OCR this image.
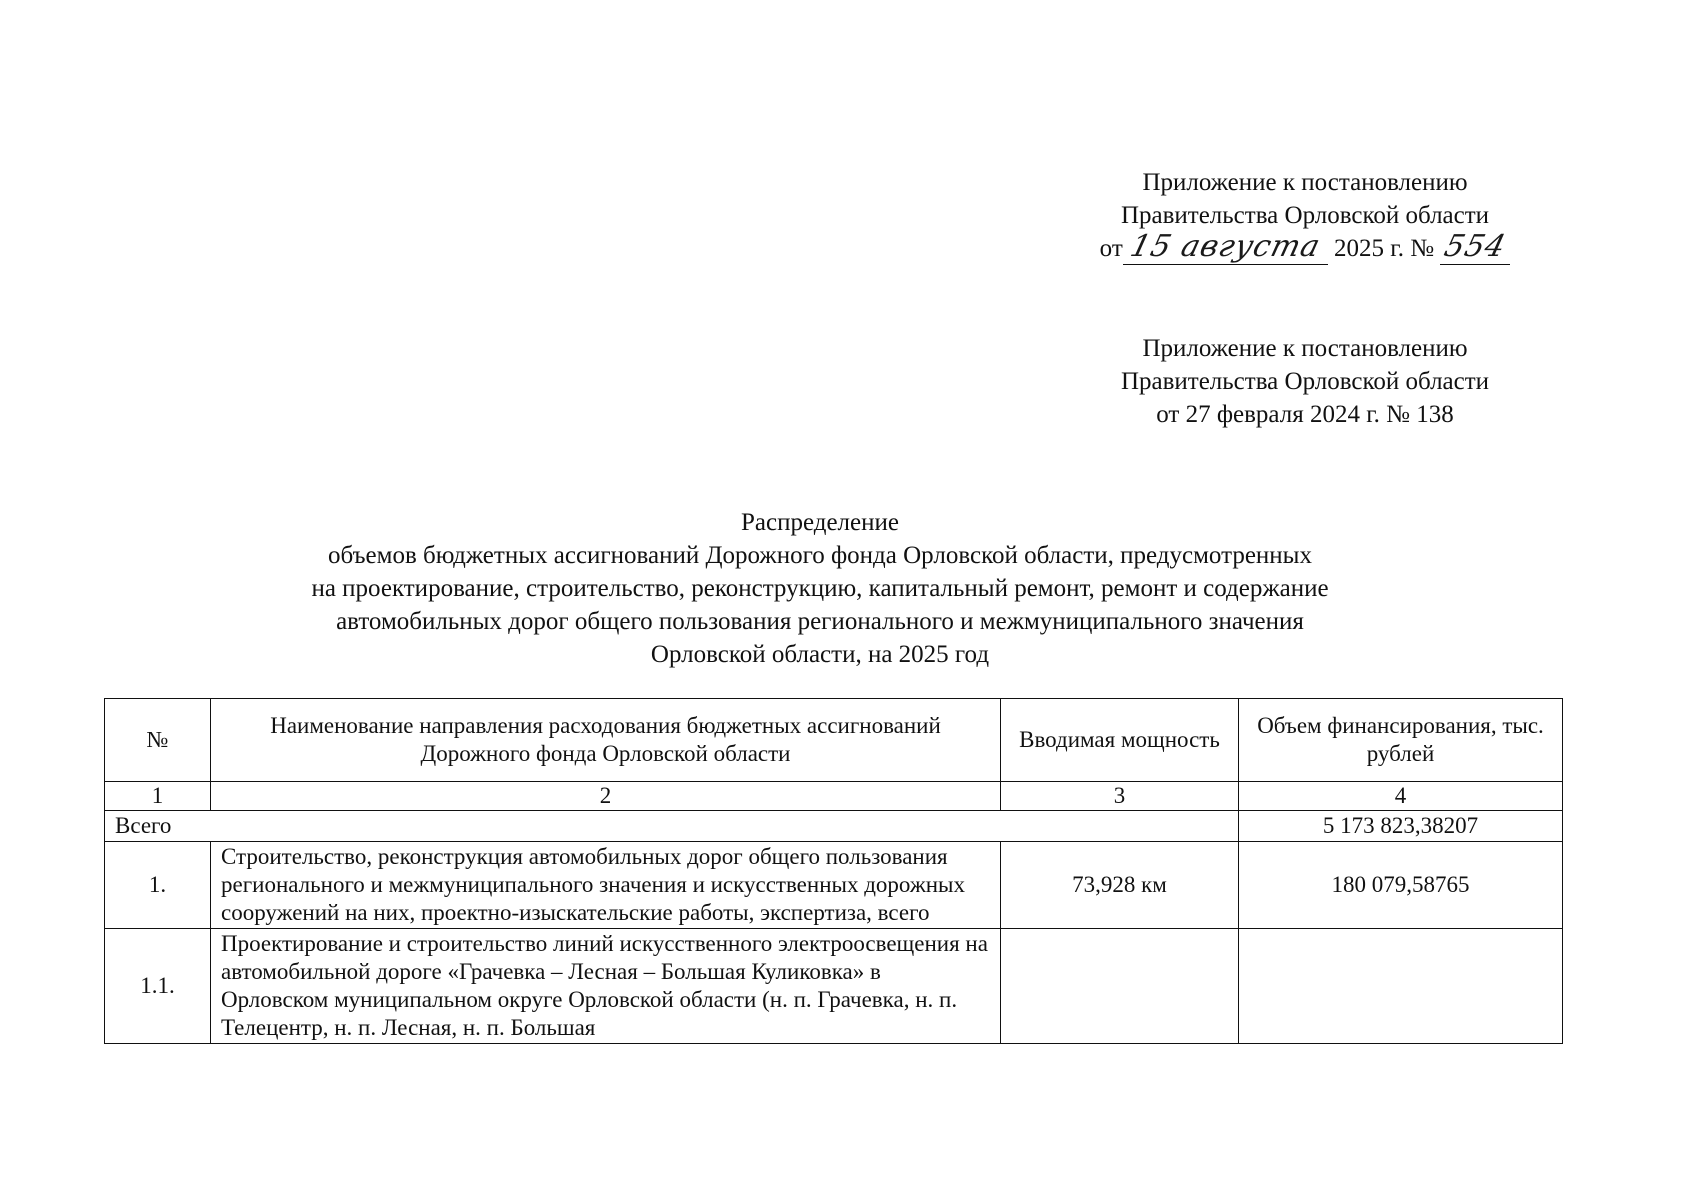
Приложение к постановлению
Правительства Орловской области
от 15 августа 2025 г. № 554
Приложение к постановлению
Правительства Орловской области
от 27 февраля 2024 г. № 138
Распределение
объемов бюджетных ассигнований Дорожного фонда Орловской области, предусмотренных
на проектирование, строительство, реконструкцию, капитальный ремонт, ремонт и содержание
автомобильных дорог общего пользования регионального и межмуниципального значения
Орловской области, на 2025 год
№	Наименование направления расходования бюджетных ассигнований Дорожного фонда Орловской области	Вводимая мощность	Объем финансирования, тыс. рублей
1	2	3	4
Всего			5 173 823,38207
1.	Строительство, реконструкция автомобильных дорог общего пользования регионального и межмуниципального значения и искусственных дорожных сооружений на них, проектно-изыскательские работы, экспертиза, всего	73,928 км	180 079,58765
1.1.	Проектирование и строительство линий искусственного электроосвещения на автомобильной дороге «Грачевка – Лесная – Большая Куликовка» в Орловском муниципальном округе Орловской области (н. п. Грачевка, н. п. Телецентр, н. п. Лесная, н. п. Большая		
